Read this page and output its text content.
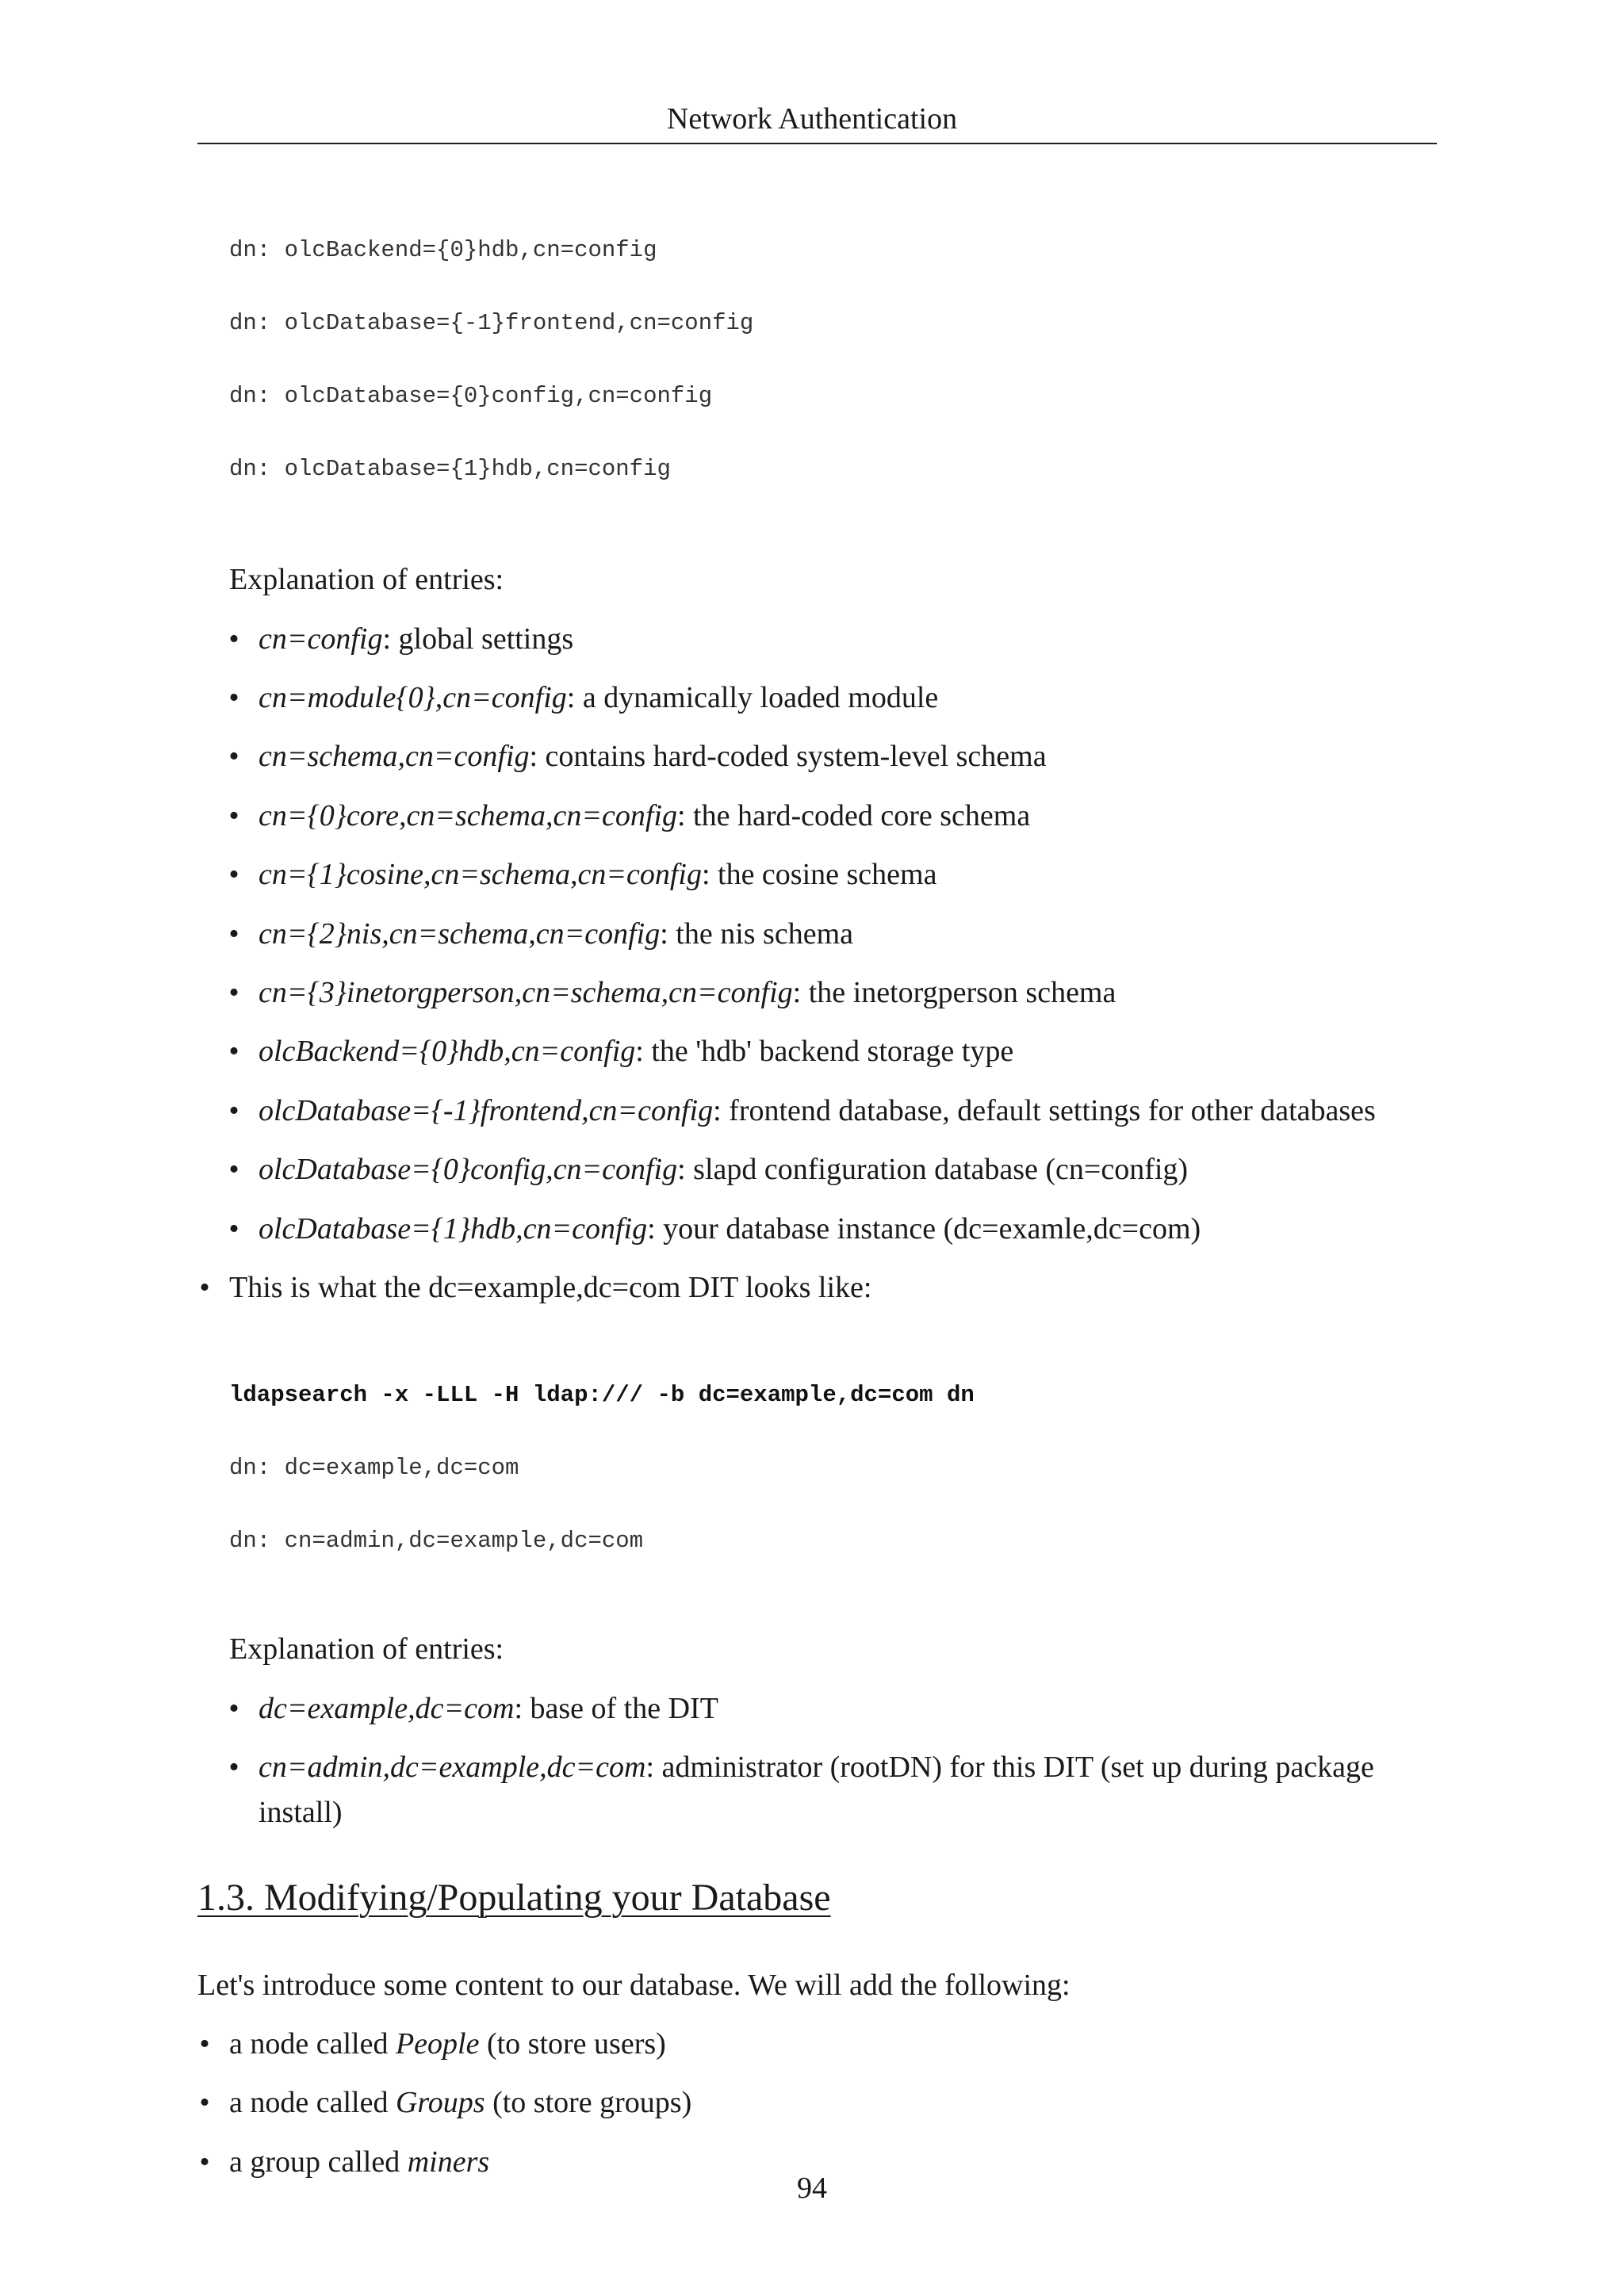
Network Authentication
dn: olcBackend={0}hdb,cn=config
dn: olcDatabase={-1}frontend,cn=config
dn: olcDatabase={0}config,cn=config
dn: olcDatabase={1}hdb,cn=config
Explanation of entries:
•
cn=config: global settings
•
cn=module{0},cn=config: a dynamically loaded module
•
cn=schema,cn=config: contains hard-coded system-level schema
•
cn={0}core,cn=schema,cn=config: the hard-coded core schema
•
cn={1}cosine,cn=schema,cn=config: the cosine schema
•
cn={2}nis,cn=schema,cn=config: the nis schema
•
cn={3}inetorgperson,cn=schema,cn=config: the inetorgperson schema
•
olcBackend={0}hdb,cn=config: the 'hdb' backend storage type
•
olcDatabase={-1}frontend,cn=config: frontend database, default settings for other databases
•
olcDatabase={0}config,cn=config: slapd configuration database (cn=config)
•
olcDatabase={1}hdb,cn=config: your database instance (dc=examle,dc=com)
•
This is what the dc=example,dc=com DIT looks like:
ldapsearch -x -LLL -H ldap:/// -b dc=example,dc=com dn
dn: dc=example,dc=com
dn: cn=admin,dc=example,dc=com
Explanation of entries:
•
dc=example,dc=com: base of the DIT
•
cn=admin,dc=example,dc=com: administrator (rootDN) for this DIT (set up during package
install)
1.3. Modifying/Populating your Database
Let's introduce some content to our database. We will add the following:
•
a node called People (to store users)
•
a node called Groups (to store groups)
•
a group called miners
94
